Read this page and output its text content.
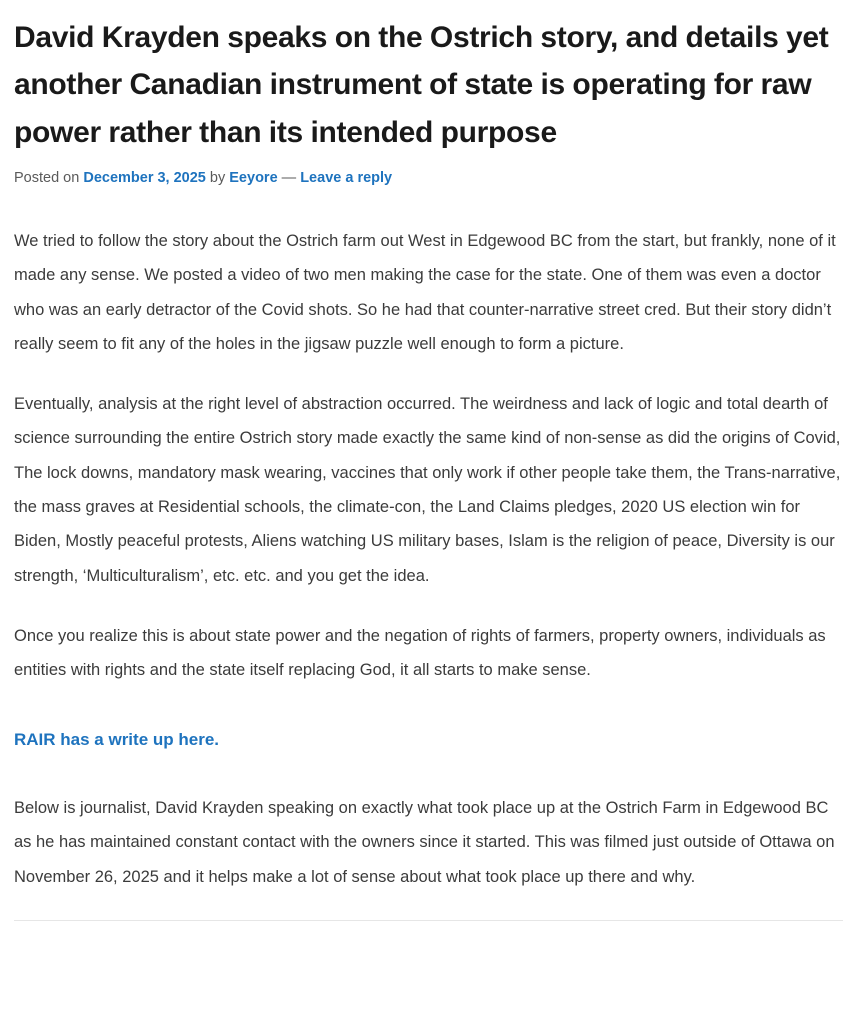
David Krayden speaks on the Ostrich story, and details yet another Canadian instrument of state is operating for raw power rather than its intended purpose
Posted on December 3, 2025 by Eeyore — Leave a reply

We tried to follow the story about the Ostrich farm out West in Edgewood BC from the start, but frankly, none of it made any sense. We posted a video of two men making the case for the state. One of them was even a doctor who was an early detractor of the Covid shots. So he had that counter-narrative street cred. But their story didn’t really seem to fit any of the holes in the jigsaw puzzle well enough to form a picture.

Eventually, analysis at the right level of abstraction occurred. The weirdness and lack of logic and total dearth of science surrounding the entire Ostrich story made exactly the same kind of non-sense as did the origins of Covid, The lock downs, mandatory mask wearing, vaccines that only work if other people take them, the Trans-narrative, the mass graves at Residential schools, the climate-con, the Land Claims pledges, 2020 US election win for Biden, Mostly peaceful protests, Aliens watching US military bases, Islam is the religion of peace, Diversity is our strength, ‘Multiculturalism’, etc. etc. and you get the idea.

Once you realize this is about state power and the negation of rights of farmers, property owners, individuals as entities with rights and the state itself replacing God, it all starts to make sense.

RAIR has a write up here.

Below is journalist, David Krayden speaking on exactly what took place up at the Ostrich Farm in Edgewood BC as he has maintained constant contact with the owners since it started. This was filmed just outside of Ottawa on November 26, 2025 and it helps make a lot of sense about what took place up there and why.
